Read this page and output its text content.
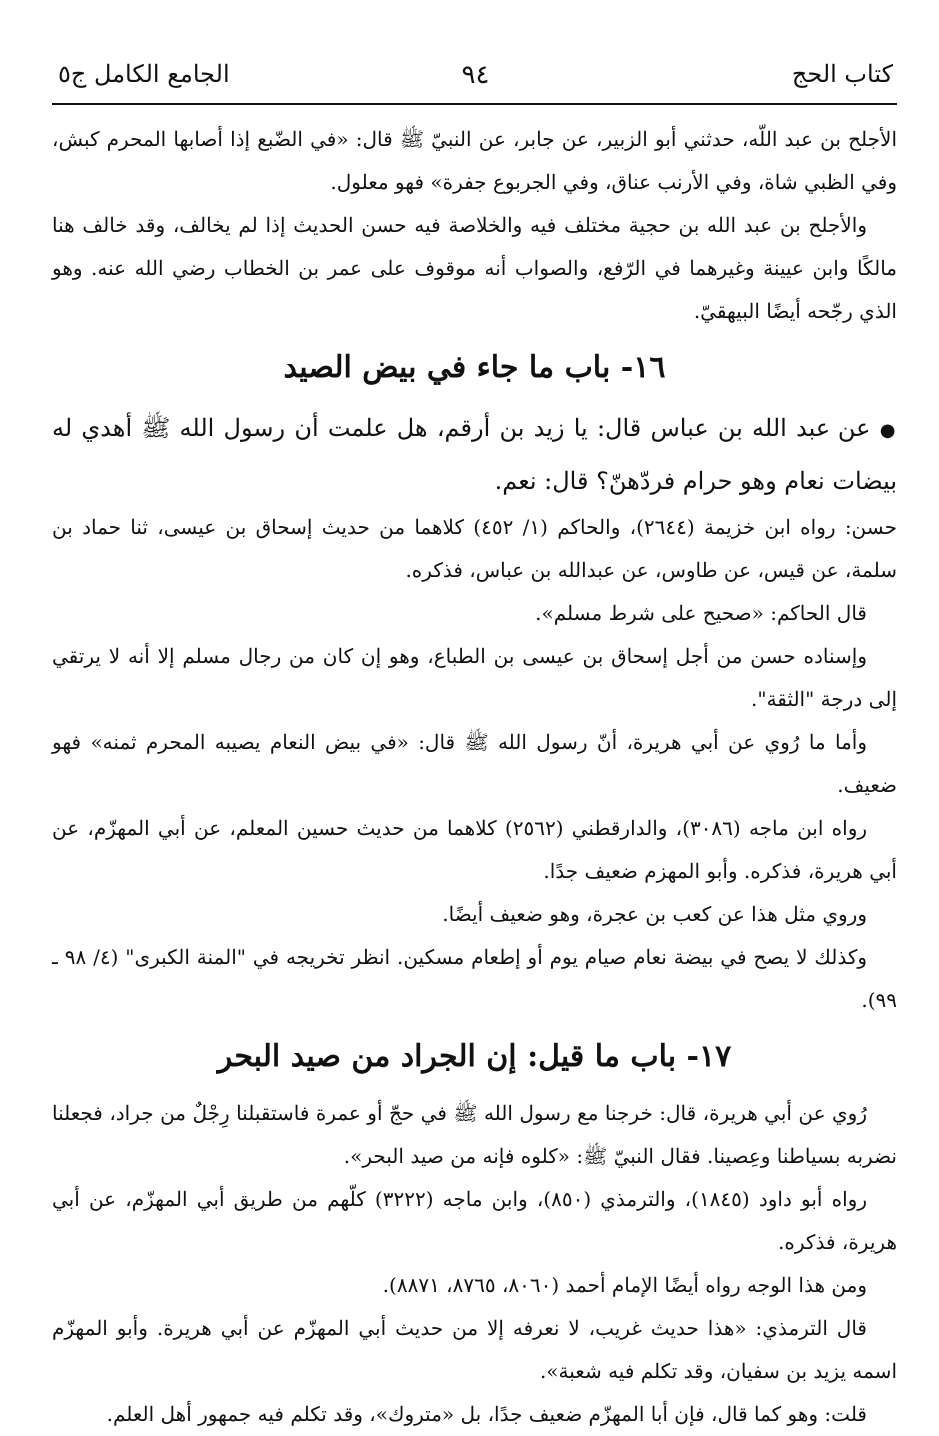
كتاب الحج
٩٤
الجامع الكامل ج٥

الأجلح بن عبد اللّه، حدثني أبو الزبير، عن جابر، عن النبيّ ﷺ قال: «في الضّبع إذا أصابها المحرم كبش، وفي الظبي شاة، وفي الأرنب عناق، وفي الجربوع جفرة» فهو معلول.

والأجلح بن عبد الله بن حجية مختلف فيه والخلاصة فيه حسن الحديث إذا لم يخالف، وقد خالف هنا مالكًا وابن عيينة وغيرهما في الرّفع، والصواب أنه موقوف على عمر بن الخطاب رضي الله عنه. وهو الذي رجّحه أيضًا البيهقيّ.

١٦- باب ما جاء في بيض الصيد

● عن عبد الله بن عباس قال: يا زيد بن أرقم، هل علمت أن رسول الله ﷺ أهدي له بيضات نعام وهو حرام فردّهنّ؟ قال: نعم.

حسن: رواه ابن خزيمة (٢٦٤٤)، والحاكم (١/ ٤٥٢) كلاهما من حديث إسحاق بن عيسى، ثنا حماد بن سلمة، عن قيس، عن طاوس، عن عبدالله بن عباس، فذكره.

قال الحاكم: «صحيح على شرط مسلم».

وإسناده حسن من أجل إسحاق بن عيسى بن الطباع، وهو إن كان من رجال مسلم إلا أنه لا يرتقي إلى درجة "الثقة".

وأما ما رُوي عن أبي هريرة، أنّ رسول الله ﷺ قال: «في بيض النعام يصيبه المحرم ثمنه» فهو ضعيف.

رواه ابن ماجه (٣٠٨٦)، والدارقطني (٢٥٦٢) كلاهما من حديث حسين المعلم، عن أبي المهزّم، عن أبي هريرة، فذكره. وأبو المهزم ضعيف جدًا.

وروي مثل هذا عن كعب بن عجرة، وهو ضعيف أيضًا.

وكذلك لا يصح في بيضة نعام صيام يوم أو إطعام مسكين. انظر تخريجه في "المنة الكبرى" (٤/ ٩٨ ـ ٩٩).

١٧- باب ما قيل: إن الجراد من صيد البحر

رُوي عن أبي هريرة، قال: خرجنا مع رسول الله ﷺ في حجّ أو عمرة فاستقبلنا رِجْلٌ من جراد، فجعلنا نضربه بسياطنا وعِصينا. فقال النبيّ ﷺ: «كلوه فإنه من صيد البحر».

رواه أبو داود (١٨٤٥)، والترمذي (٨٥٠)، وابن ماجه (٣٢٢٢) كلّهم من طريق أبي المهزّم، عن أبي هريرة، فذكره.

ومن هذا الوجه رواه أيضًا الإمام أحمد (٨٠٦٠، ٨٧٦٥، ٨٨٧١).

قال الترمذي: «هذا حديث غريب، لا نعرفه إلا من حديث أبي المهزّم عن أبي هريرة. وأبو المهزّم اسمه يزيد بن سفيان، وقد تكلم فيه شعبة».

قلت: وهو كما قال، فإن أبا المهزّم ضعيف جدًا، بل «متروك»، وقد تكلم فيه جمهور أهل العلم.
